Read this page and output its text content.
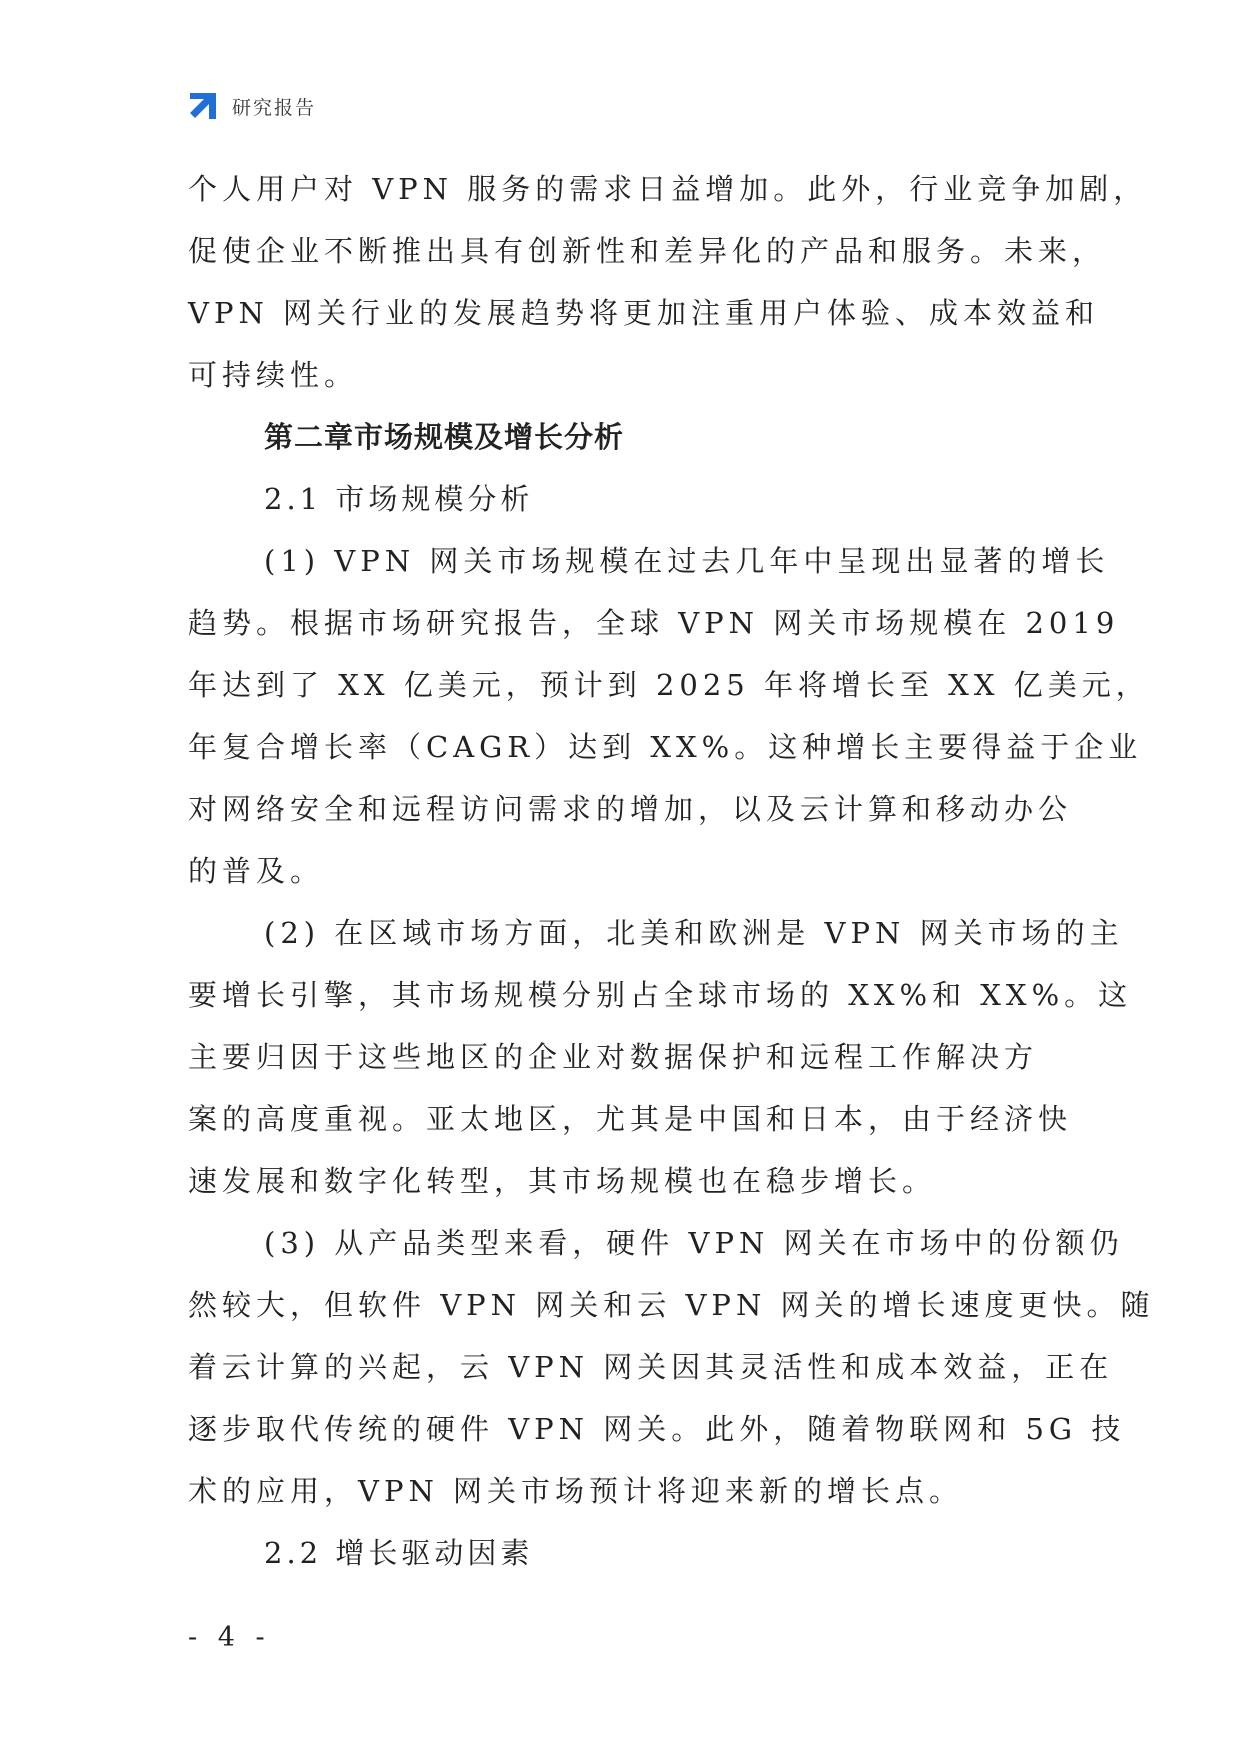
研究报告
个人用户对 VPN 服务的需求日益增加。此外，行业竞争加剧，
促使企业不断推出具有创新性和差异化的产品和服务。未来，
VPN 网关行业的发展趋势将更加注重用户体验、成本效益和
可持续性。
第二章市场规模及增长分析
2.1 市场规模分析
(1) VPN 网关市场规模在过去几年中呈现出显著的增长
趋势。根据市场研究报告，全球 VPN 网关市场规模在 2019
年达到了 XX 亿美元，预计到 2025 年将增长至 XX 亿美元，
年复合增长率（CAGR）达到 XX%。这种增长主要得益于企业
对网络安全和远程访问需求的增加，以及云计算和移动办公
的普及。
(2) 在区域市场方面，北美和欧洲是 VPN 网关市场的主
要增长引擎，其市场规模分别占全球市场的 XX%和 XX%。这
主要归因于这些地区的企业对数据保护和远程工作解决方
案的高度重视。亚太地区，尤其是中国和日本，由于经济快
速发展和数字化转型，其市场规模也在稳步增长。
(3) 从产品类型来看，硬件 VPN 网关在市场中的份额仍
然较大，但软件 VPN 网关和云 VPN 网关的增长速度更快。随
着云计算的兴起，云 VPN 网关因其灵活性和成本效益，正在
逐步取代传统的硬件 VPN 网关。此外，随着物联网和 5G 技
术的应用，VPN 网关市场预计将迎来新的增长点。
2.2 增长驱动因素
- 4 -
